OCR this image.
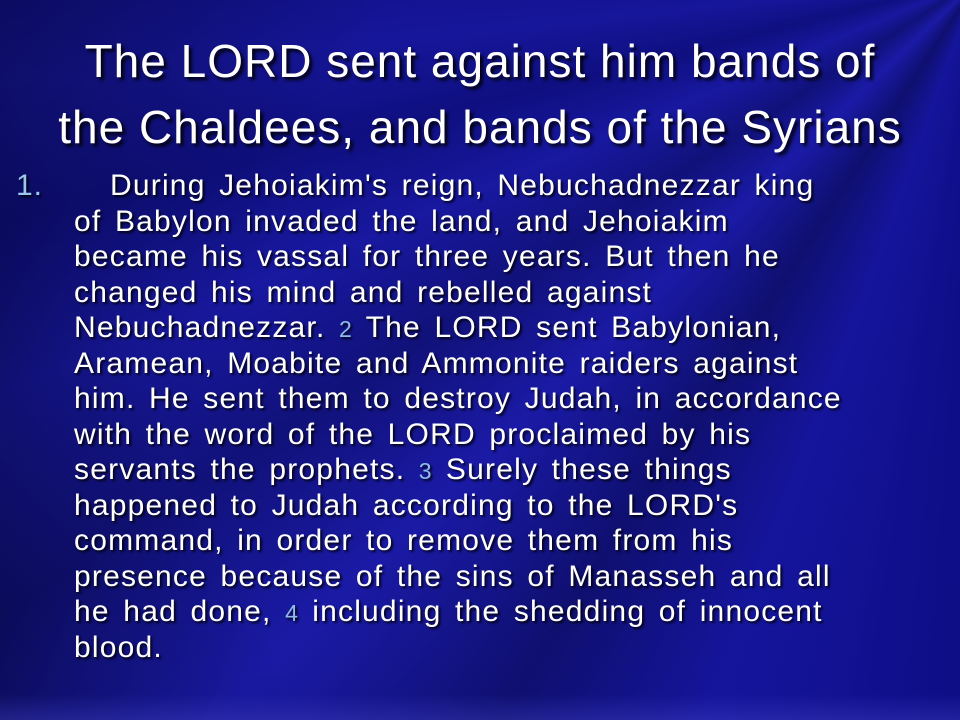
The LORD sent against him bands of
the Chaldees, and bands of the Syrians
1.	During Jehoiakim's reign, Nebuchadnezzar king
of Babylon invaded the land, and Jehoiakim
became his vassal for three years. But then he
changed his mind and rebelled against
Nebuchadnezzar. 2 The LORD sent Babylonian,
Aramean, Moabite and Ammonite raiders against
him. He sent them to destroy Judah, in accordance
with the word of the LORD proclaimed by his
servants the prophets. 3 Surely these things
happened to Judah according to the LORD's
command, in order to remove them from his
presence because of the sins of Manasseh and all
he had done, 4 including the shedding of innocent
blood.
